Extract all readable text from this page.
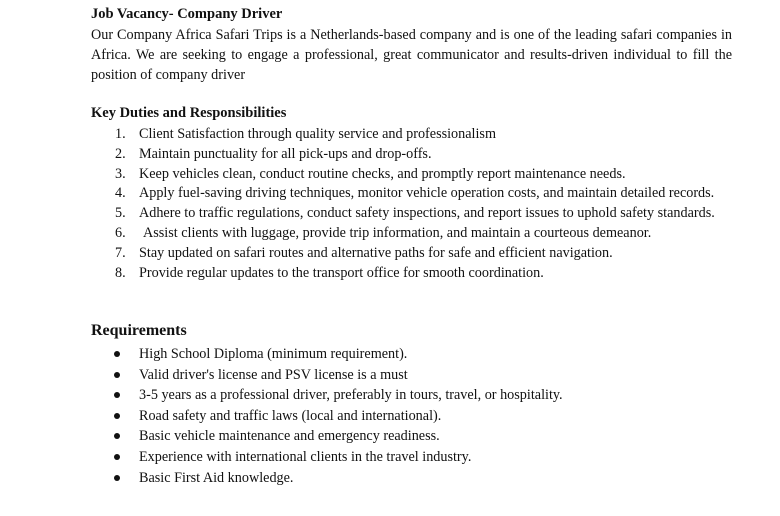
Job Vacancy- Company Driver
Our Company Africa Safari Trips is a Netherlands-based company and is one of the leading safari companies in Africa. We are seeking to engage a professional, great communicator and results-driven individual to fill the position of company driver
Key Duties and Responsibilities
1. Client Satisfaction through quality service and professionalism
2. Maintain punctuality for all pick-ups and drop-offs.
3. Keep vehicles clean, conduct routine checks, and promptly report maintenance needs.
4. Apply fuel-saving driving techniques, monitor vehicle operation costs, and maintain detailed records.
5. Adhere to traffic regulations, conduct safety inspections, and report issues to uphold safety standards.
6. Assist clients with luggage, provide trip information, and maintain a courteous demeanor.
7. Stay updated on safari routes and alternative paths for safe and efficient navigation.
8. Provide regular updates to the transport office for smooth coordination.
Requirements
High School Diploma (minimum requirement).
Valid driver's license and PSV license is a must
3-5 years as a professional driver, preferably in tours, travel, or hospitality.
Road safety and traffic laws (local and international).
Basic vehicle maintenance and emergency readiness.
Experience with international clients in the travel industry.
Basic First Aid knowledge.
